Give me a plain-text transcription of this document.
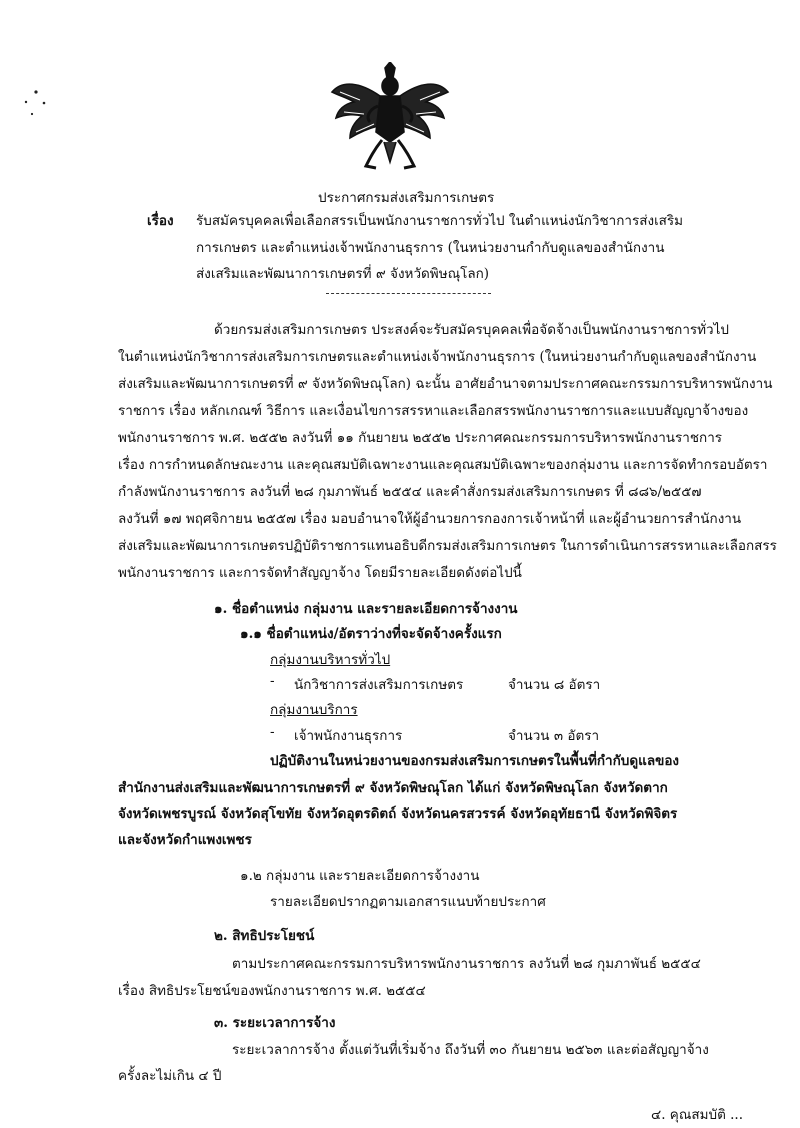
ประกาศกรมส่งเสริมการเกษตร
เรื่อง รับสมัครบุคคลเพื่อเลือกสรรเป็นพนักงานราชการทั่วไป ในตำแหน่งนักวิชาการส่งเสริม
การเกษตร และตำแหน่งเจ้าพนักงานธุรการ (ในหน่วยงานกำกับดูแลของสำนักงาน
ส่งเสริมและพัฒนาการเกษตรที่ ๙ จังหวัดพิษณุโลก)
ด้วยกรมส่งเสริมการเกษตร ประสงค์จะรับสมัครบุคคลเพื่อจัดจ้างเป็นพนักงานราชการทั่วไป
ในตำแหน่งนักวิชาการส่งเสริมการเกษตรและตำแหน่งเจ้าพนักงานธุรการ (ในหน่วยงานกำกับดูแลของสำนักงาน
ส่งเสริมและพัฒนาการเกษตรที่ ๙ จังหวัดพิษณุโลก) ฉะนั้น อาศัยอำนาจตามประกาศคณะกรรมการบริหารพนักงาน
ราชการ เรื่อง หลักเกณฑ์ วิธีการ และเงื่อนไขการสรรหาและเลือกสรรพนักงานราชการและแบบสัญญาจ้างของ
พนักงานราชการ พ.ศ. ๒๕๕๒ ลงวันที่ ๑๑ กันยายน ๒๕๕๒ ประกาศคณะกรรมการบริหารพนักงานราชการ
เรื่อง การกำหนดลักษณะงาน และคุณสมบัติเฉพาะงานและคุณสมบัติเฉพาะของกลุ่มงาน และการจัดทำกรอบอัตรา
กำลังพนักงานราชการ ลงวันที่ ๒๘ กุมภาพันธ์ ๒๕๕๔ และคำสั่งกรมส่งเสริมการเกษตร ที่ ๘๘๖/๒๕๕๗
ลงวันที่ ๑๗ พฤศจิกายน ๒๕๕๗ เรื่อง มอบอำนาจให้ผู้อำนวยการกองการเจ้าหน้าที่ และผู้อำนวยการสำนักงาน
ส่งเสริมและพัฒนาการเกษตรปฏิบัติราชการแทนอธิบดีกรมส่งเสริมการเกษตร ในการดำเนินการสรรหาและเลือกสรร
พนักงานราชการ และการจัดทำสัญญาจ้าง โดยมีรายละเอียดดังต่อไปนี้
๑. ชื่อตำแหน่ง กลุ่มงาน และรายละเอียดการจ้างงาน
๑.๑ ชื่อตำแหน่ง/อัตราว่างที่จะจัดจ้างครั้งแรก
กลุ่มงานบริหารทั่วไป
- นักวิชาการส่งเสริมการเกษตร	จำนวน ๘ อัตรา
กลุ่มงานบริการ
- เจ้าพนักงานธุรการ	จำนวน ๓ อัตรา
ปฏิบัติงานในหน่วยงานของกรมส่งเสริมการเกษตรในพื้นที่กำกับดูแลของ
สำนักงานส่งเสริมและพัฒนาการเกษตรที่ ๙ จังหวัดพิษณุโลก ได้แก่ จังหวัดพิษณุโลก จังหวัดตาก
จังหวัดเพชรบูรณ์ จังหวัดสุโขทัย จังหวัดอุตรดิตถ์ จังหวัดนครสวรรค์ จังหวัดอุทัยธานี จังหวัดพิจิตร
และจังหวัดกำแพงเพชร
๑.๒ กลุ่มงาน และรายละเอียดการจ้างงาน
รายละเอียดปรากฏตามเอกสารแนบท้ายประกาศ
๒. สิทธิประโยชน์
ตามประกาศคณะกรรมการบริหารพนักงานราชการ ลงวันที่ ๒๘ กุมภาพันธ์ ๒๕๕๔
เรื่อง สิทธิประโยชน์ของพนักงานราชการ พ.ศ. ๒๕๕๔
๓. ระยะเวลาการจ้าง
ระยะเวลาการจ้าง ตั้งแต่วันที่เริ่มจ้าง ถึงวันที่ ๓๐ กันยายน ๒๕๖๓ และต่อสัญญาจ้าง
ครั้งละไม่เกิน ๔ ปี
๔. คุณสมบัติ ...
